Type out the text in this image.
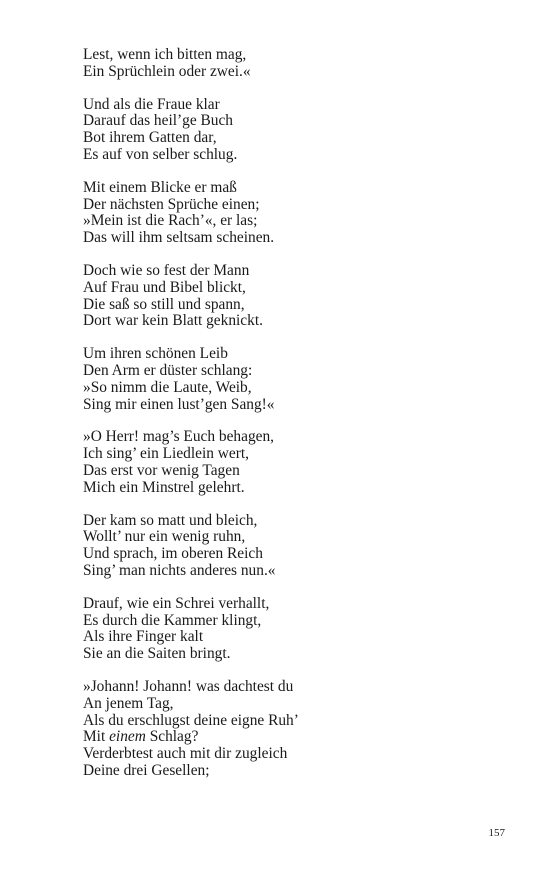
Lest, wenn ich bitten mag,
Ein Sprüchlein oder zwei.«
Und als die Fraue klar
Darauf das heil’ge Buch
Bot ihrem Gatten dar,
Es auf von selber schlug.
Mit einem Blicke er maß
Der nächsten Sprüche einen;
»Mein ist die Rach’«, er las;
Das will ihm seltsam scheinen.
Doch wie so fest der Mann
Auf Frau und Bibel blickt,
Die saß so still und spann,
Dort war kein Blatt geknickt.
Um ihren schönen Leib
Den Arm er düster schlang:
»So nimm die Laute, Weib,
Sing mir einen lust’gen Sang!«
»O Herr! mag’s Euch behagen,
Ich sing’ ein Liedlein wert,
Das erst vor wenig Tagen
Mich ein Minstrel gelehrt.
Der kam so matt und bleich,
Wollt’ nur ein wenig ruhn,
Und sprach, im oberen Reich
Sing’ man nichts anderes nun.«
Drauf, wie ein Schrei verhallt,
Es durch die Kammer klingt,
Als ihre Finger kalt
Sie an die Saiten bringt.
»Johann! Johann! was dachtest du
An jenem Tag,
Als du erschlugst deine eigne Ruh’
Mit einem Schlag?
Verderbtest auch mit dir zugleich
Deine drei Gesellen;
157
